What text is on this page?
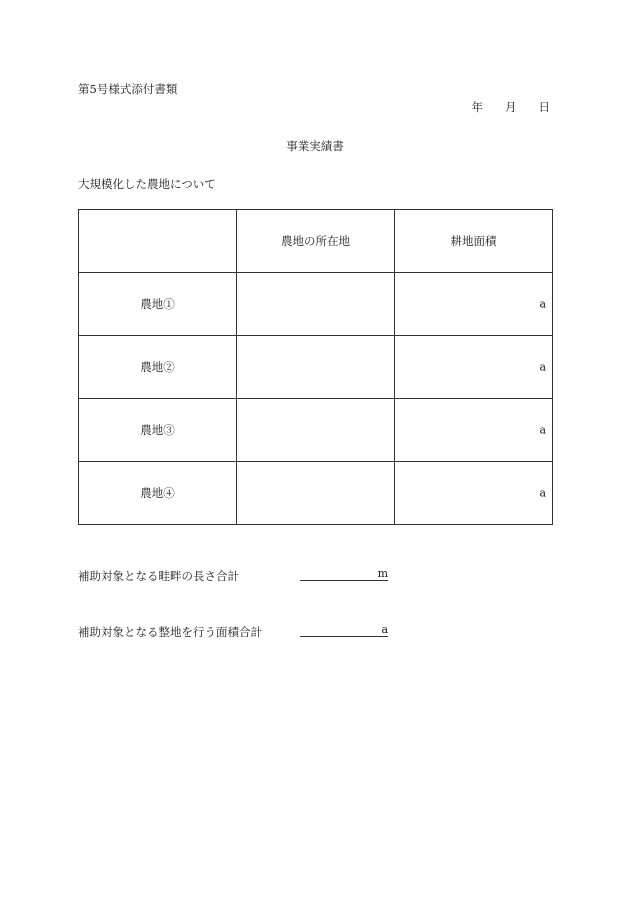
第5号様式添付書類
年 月 日
事業実績書
大規模化した農地について
	農地の所在地	耕地面積
農地①		a

農地②		a

農地③		a

農地④		a
補助対象となる畦畔の長さ合計	m
補助対象となる整地を行う面積合計	a
